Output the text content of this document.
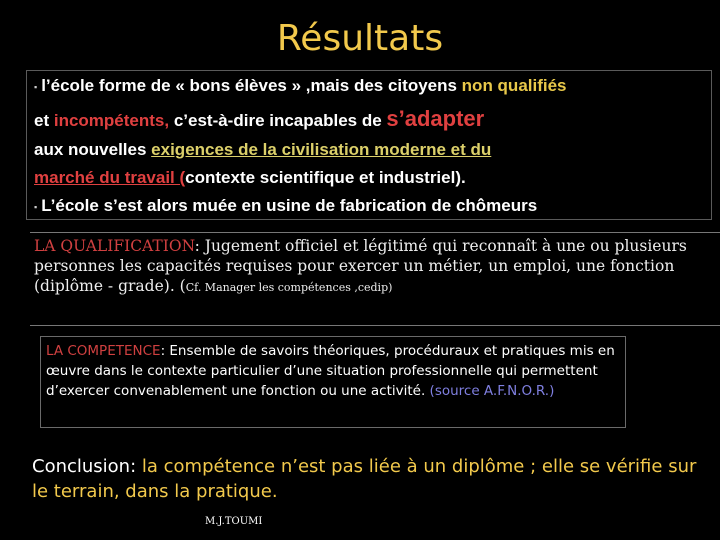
Résultats
▪ l’école forme de « bons élèves » ,mais des citoyens non qualifiés
et incompétents, c’est-à-dire incapables de s’adapter
aux nouvelles exigences de la civilisation moderne et du
marché du travail (contexte scientifique et industriel).
▪ L’école s’est alors muée en usine de fabrication de chômeurs
LA QUALIFICATION: Jugement officiel et légitimé qui reconnaît à une ou plusieurs personnes les capacités requises pour exercer un métier, un emploi, une fonction (diplôme - grade). (Cf. Manager les compétences ,cedip)
LA COMPETENCE: Ensemble de savoirs théoriques, procéduraux et pratiques mis en œuvre dans le contexte particulier d’une situation professionnelle qui permettent d’exercer convenablement une fonction ou une activité. (source A.F.N.O.R.)
Conclusion: la compétence n’est pas liée à un diplôme ; elle se vérifie sur le terrain, dans la pratique.
M.J.TOUMI
